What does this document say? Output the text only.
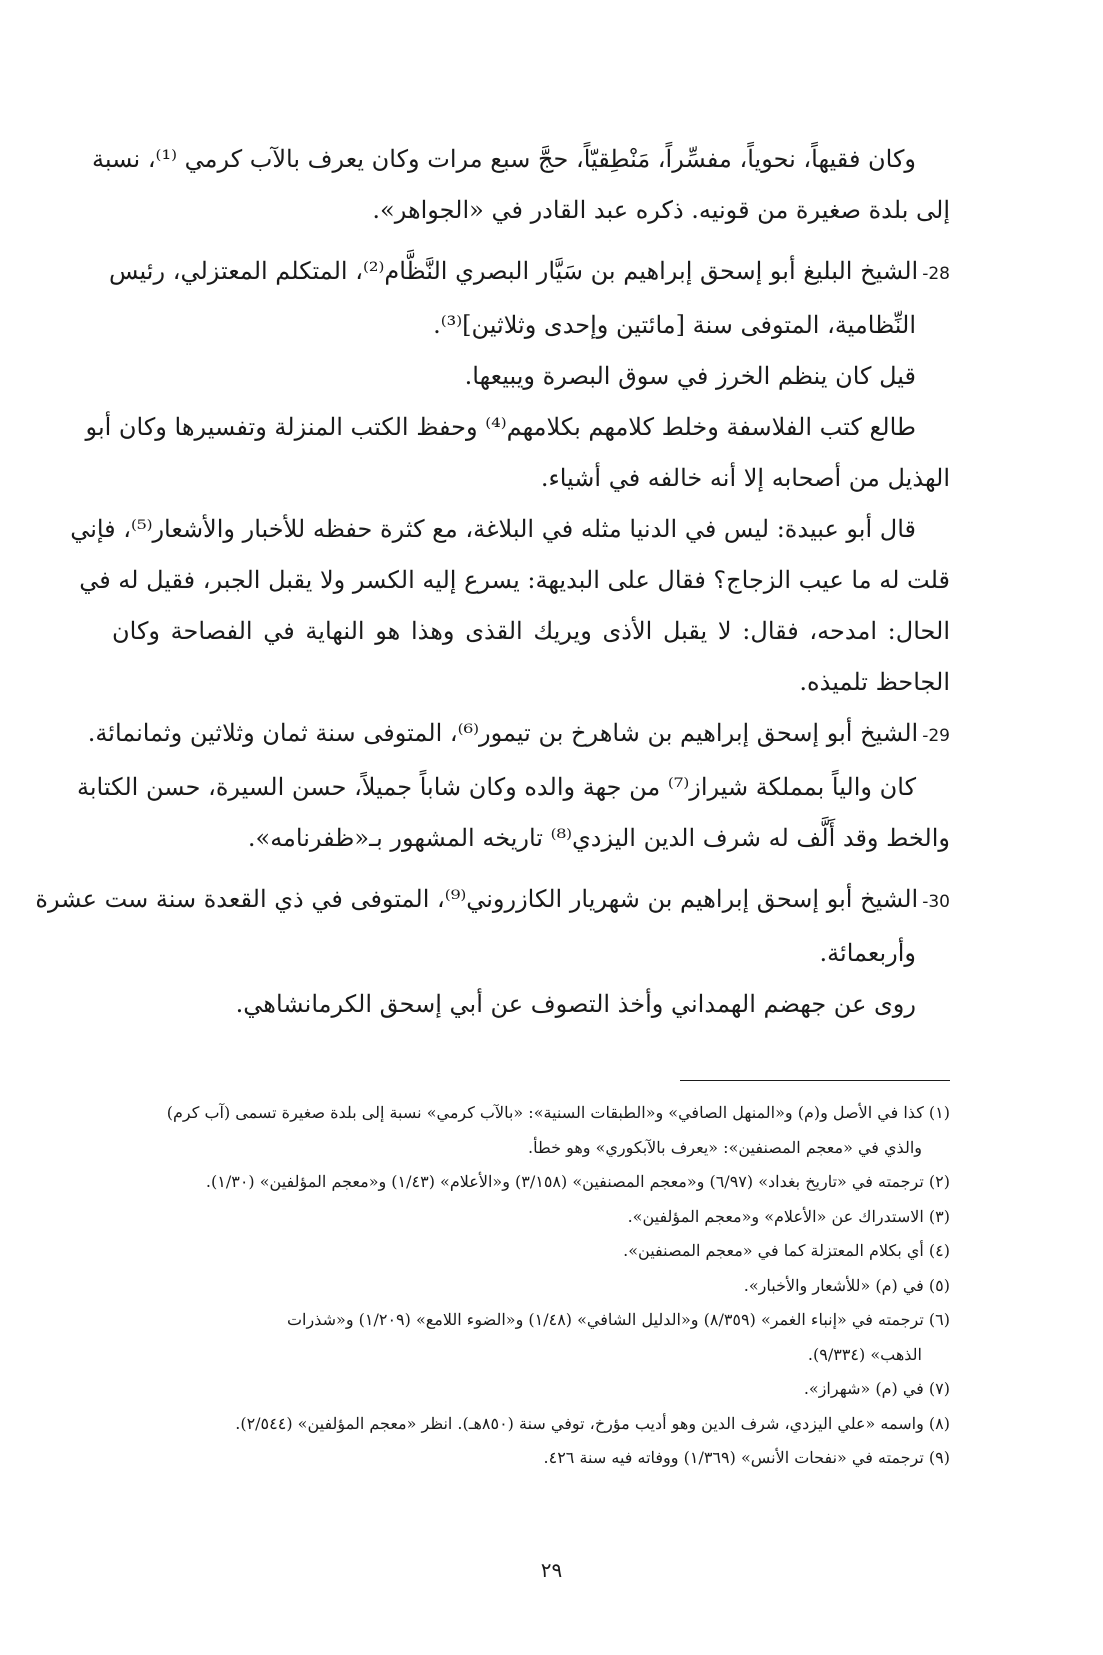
وكان فقيهاً، نحوياً، مفسِّراً، مَنْطِقيّاً، حجَّ سبع مرات وكان يعرف بالآب كرمي ⁽¹⁾، نسبة
إلى بلدة صغيرة من قونيه. ذكره عبد القادر في «الجواهر».
28-الشيخ البليغ أبو إسحق إبراهيم بن سَيَّار البصري النَّظَّام⁽²⁾، المتكلم المعتزلي، رئيس
النِّظامية، المتوفى سنة [مائتين وإحدى وثلاثين]⁽³⁾.
قيل كان ينظم الخرز في سوق البصرة ويبيعها.
طالع كتب الفلاسفة وخلط كلامهم بكلامهم⁽⁴⁾ وحفظ الكتب المنزلة وتفسيرها وكان أبو
الهذيل من أصحابه إلا أنه خالفه في أشياء.
قال أبو عبيدة: ليس في الدنيا مثله في البلاغة، مع كثرة حفظه للأخبار والأشعار⁽⁵⁾، فإني
قلت له ما عيب الزجاج؟ فقال على البديهة: يسرع إليه الكسر ولا يقبل الجبر، فقيل له في
الحال: امدحه، فقال: لا يقبل الأذى ويريك القذى وهذا هو النهاية في الفصاحة وكان
الجاحظ تلميذه.
29-الشيخ أبو إسحق إبراهيم بن شاهرخ بن تيمور⁽⁶⁾، المتوفى سنة ثمان وثلاثين وثمانمائة.
كان والياً بمملكة شيراز⁽⁷⁾ من جهة والده وكان شاباً جميلاً، حسن السيرة، حسن الكتابة
والخط وقد أَلَّف له شرف الدين اليزدي⁽⁸⁾ تاريخه المشهور بـ«ظفرنامه».
30-الشيخ أبو إسحق إبراهيم بن شهريار الكازروني⁽⁹⁾، المتوفى في ذي القعدة سنة ست عشرة
وأربعمائة.
روى عن جهضم الهمداني وأخذ التصوف عن أبي إسحق الكرمانشاهي.
(١) كذا في الأصل و(م) و«المنهل الصافي» و«الطبقات السنية»: «بالآب كرمي» نسبة إلى بلدة صغيرة تسمى (آب كرم)
والذي في «معجم المصنفين»: «يعرف بالآبكوري» وهو خطأ.
(٢) ترجمته في «تاريخ بغداد» (٦/٩٧) و«معجم المصنفين» (٣/١٥٨) و«الأعلام» (١/٤٣) و«معجم المؤلفين» (١/٣٠).
(٣) الاستدراك عن «الأعلام» و«معجم المؤلفين».
(٤) أي بكلام المعتزلة كما في «معجم المصنفين».
(٥) في (م) «للأشعار والأخبار».
(٦) ترجمته في «إنباء الغمر» (٨/٣٥٩) و«الدليل الشافي» (١/٤٨) و«الضوء اللامع» (١/٢٠٩) و«شذرات
الذهب» (٩/٣٣٤).
(٧) في (م) «شهراز».
(٨) واسمه «علي اليزدي، شرف الدين وهو أديب مؤرخ، توفي سنة (٨٥٠هـ). انظر «معجم المؤلفين» (٢/٥٤٤).
(٩) ترجمته في «نفحات الأنس» (١/٣٦٩) ووفاته فيه سنة ٤٢٦.
٢٩
